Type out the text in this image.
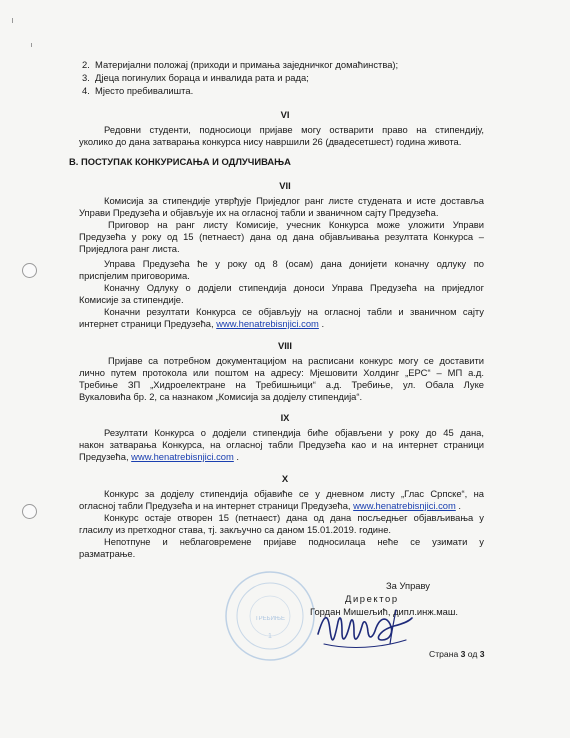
2. Материјални положај (приходи и примања заједничког домаћинства);
3. Дјеца погинулих бораца и инвалида рата и рада;
4. Мјесто пребивалишта.
VI
Редовни студенти, подносиоци пријаве могу остварити право на стипендију,
уколико до дана затварања конкурса нису навршили 26 (двадесетшест) година живота.
В. ПОСТУПАК КОНКУРИСАЊА И ОДЛУЧИВАЊА
VII
Комисија за стипендије утврђује Приједлог ранг листе студената и исте доставља
Управи Предузећа и објављује их на огласној табли и званичном сајту Предузећа.
Приговор на ранг листу Комисије, учесник Конкурса може уложити Управи
Предузећа у року од 15 (петнаест) дана од дана објављивања резултата Конкурса –
Приједлога ранг листа.
Управа Предузећа ће у року од 8 (осам) дана донијети коначну одлуку по
приспјелим приговорима.
Коначну Одлуку о додјели стипендија доноси Управа Предузећа на приједлог
Комисије за стипендије.
Коначни резултати Конкурса се објављују на огласној табли и званичном сајту
интернет страници Предузећа, www.henatrebisnjici.com .
VIII
Пријаве са потребном документацијом на расписани конкурс могу се доставити
лично путем протокола или поштом на адресу: Мјешовити Холдинг „ЕРС“ – МП а.д.
Требиње ЗП „Хидроелектране на Требишњици“ а.д. Требиње, ул. Обала Луке
Вукаловића бр. 2, са назнаком „Комисија за додјелу стипендија“.
IX
Резултати Конкурса о додјели стипендија биће објављени у року до 45 дана,
након затварања Конкурса, на огласној табли Предузећа као и на интернет страници
Предузећа, www.henatrebisnjici.com .
X
Конкурс за додјелу стипендија објавиће се у дневном листу „Глас Српске“, на
огласној табли Предузећа и на интернет страници Предузећа, www.henatrebisnjici.com .
Конкурс остаје отворен 15 (петнаест) дана од дана посљедњег објављивања у
гласилу из претходног става, тј. закључно са даном 15.01.2019. године.
Непотпуне и неблаговремене пријаве подносилаца неће се узимати у
разматрање.
ТРЕБИЊЕ
1
За Управу
Директор
Гордан Мишељић, дипл.инж.маш.
Страна 3 од 3
